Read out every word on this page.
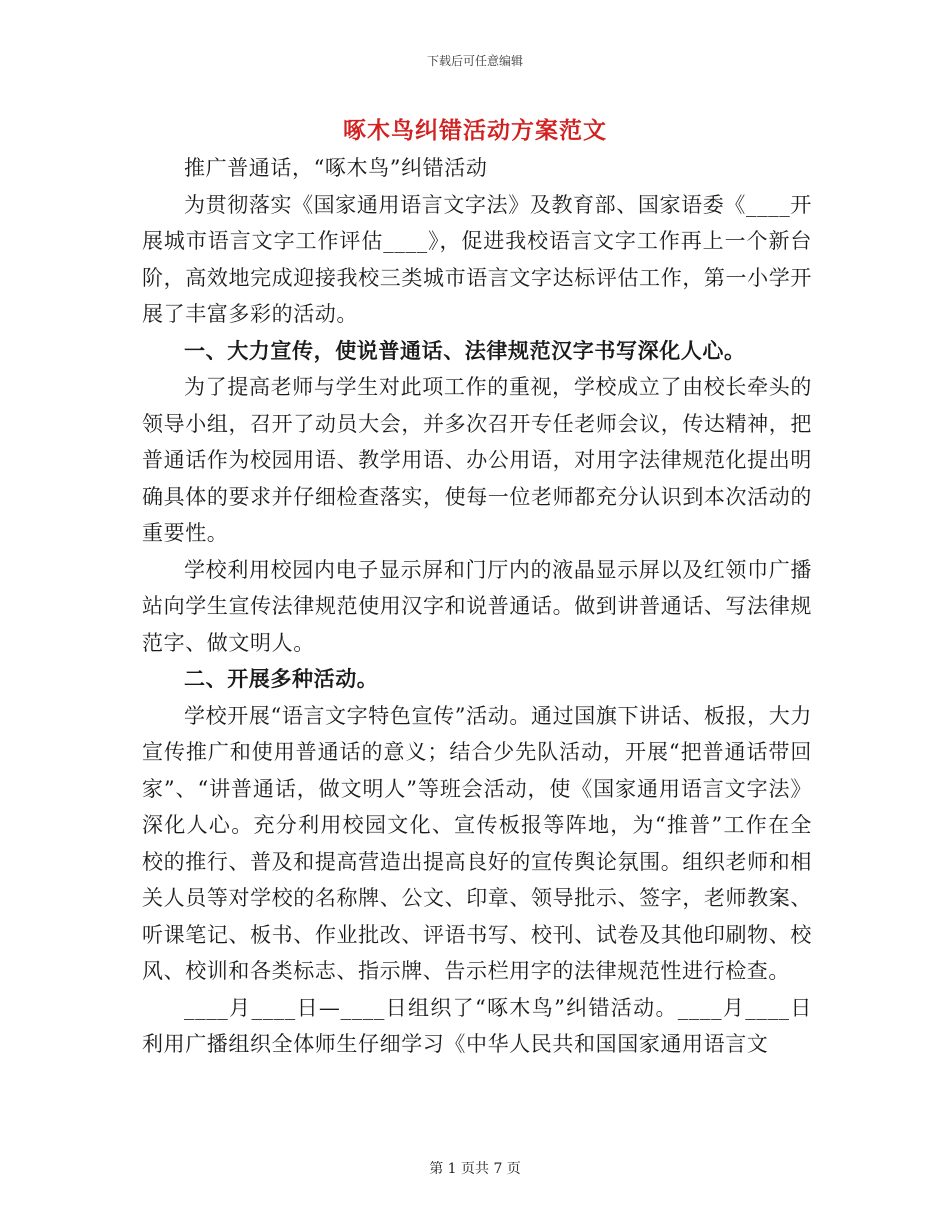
下载后可任意编辑
啄木鸟纠错活动方案范文

推广普通话，“啄木鸟”纠错活动

为贯彻落实《国家通用语言文字法》及教育部、国家语委《____开展城市语言文字工作评估____》，促进我校语言文字工作再上一个新台阶，高效地完成迎接我校三类城市语言文字达标评估工作，第一小学开展了丰富多彩的活动。

一、大力宣传，使说普通话、法律规范汉字书写深化人心。

为了提高老师与学生对此项工作的重视，学校成立了由校长牵头的领导小组，召开了动员大会，并多次召开专任老师会议，传达精神，把普通话作为校园用语、教学用语、办公用语，对用字法律规范化提出明确具体的要求并仔细检查落实，使每一位老师都充分认识到本次活动的重要性。

学校利用校园内电子显示屏和门厅内的液晶显示屏以及红领巾广播站向学生宣传法律规范使用汉字和说普通话。做到讲普通话、写法律规范字、做文明人。

二、开展多种活动。

学校开展“语言文字特色宣传”活动。通过国旗下讲话、板报，大力宣传推广和使用普通话的意义；结合少先队活动，开展“把普通话带回家”、“讲普通话，做文明人”等班会活动，使《国家通用语言文字法》深化人心。充分利用校园文化、宣传板报等阵地，为“推普”工作在全校的推行、普及和提高营造出提高良好的宣传舆论氛围。组织老师和相关人员等对学校的名称牌、公文、印章、领导批示、签字，老师教案、听课笔记、板书、作业批改、评语书写、校刊、试卷及其他印刷物、校风、校训和各类标志、指示牌、告示栏用字的法律规范性进行检查。

____月____日—____日组织了“啄木鸟”纠错活动。____月____日利用广播组织全体师生仔细学习《中华人民共和国国家通用语言文

第 1 页共 7 页
